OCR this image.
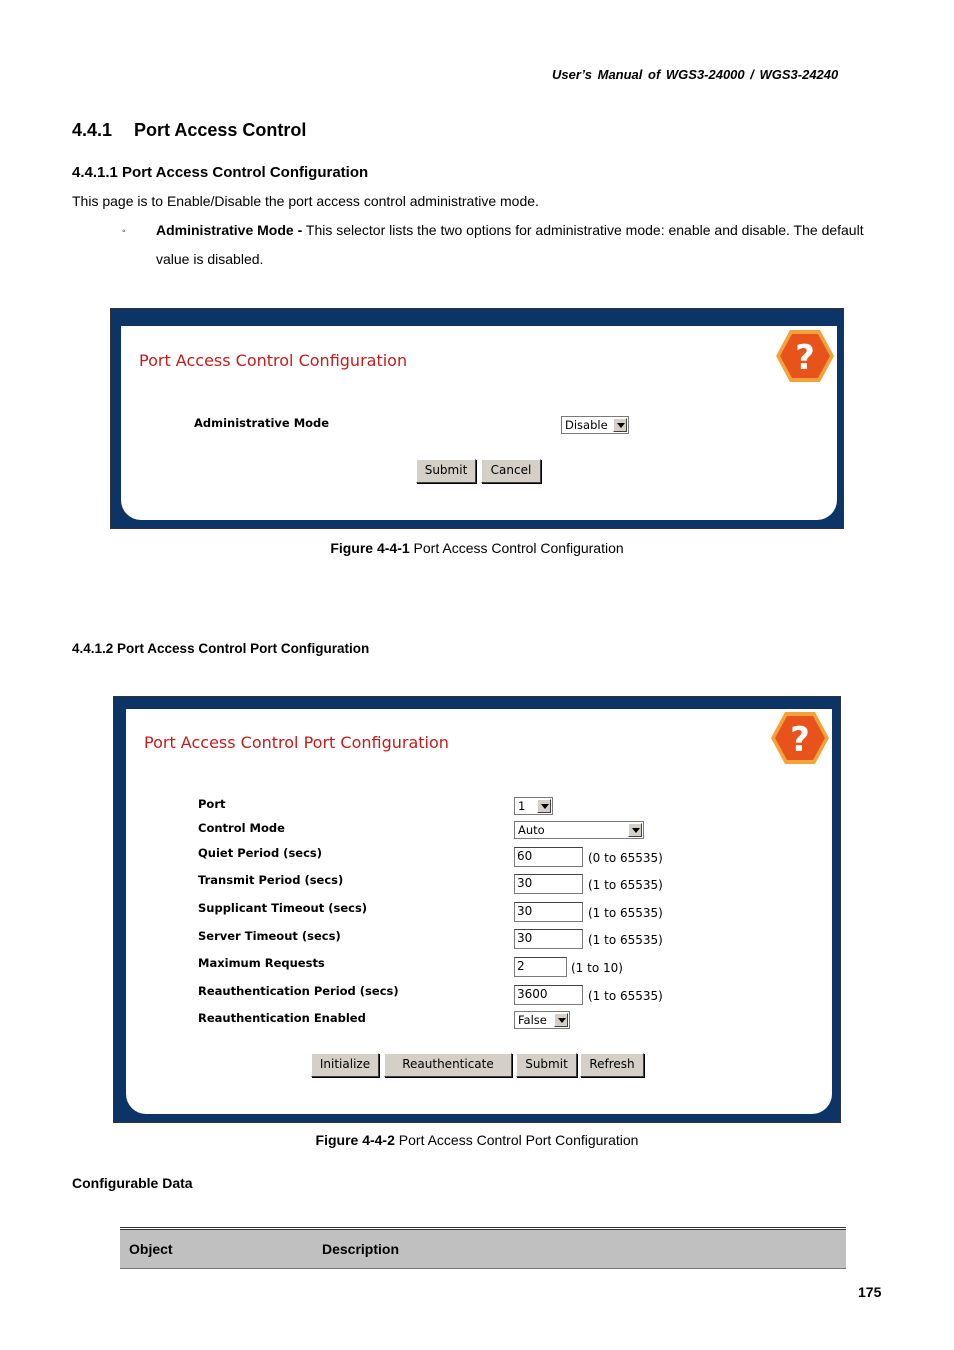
User’s Manual of WGS3-24000 / WGS3-24240
4.4.1 Port Access Control
4.4.1.1 Port Access Control Configuration
This page is to Enable/Disable the port access control administrative mode.
◦ Administrative Mode - This selector lists the two options for administrative mode: enable and disable. The default value is disabled.
Port Access Control Configuration	?
Administrative Mode	Disable
Submit	Cancel
Figure 4-4-1 Port Access Control Configuration
4.4.1.2 Port Access Control Port Configuration
Port Access Control Port Configuration	?
Port	1
Control Mode	Auto
Quiet Period (secs)	60	(0 to 65535)
Transmit Period (secs)	30	(1 to 65535)
Supplicant Timeout (secs)	30	(1 to 65535)
Server Timeout (secs)	30	(1 to 65535)
Maximum Requests	2	(1 to 10)
Reauthentication Period (secs)	3600	(1 to 65535)
Reauthentication Enabled	False
Initialize	Reauthenticate	Submit	Refresh
Figure 4-4-2 Port Access Control Port Configuration
Configurable Data
Object	Description
175
